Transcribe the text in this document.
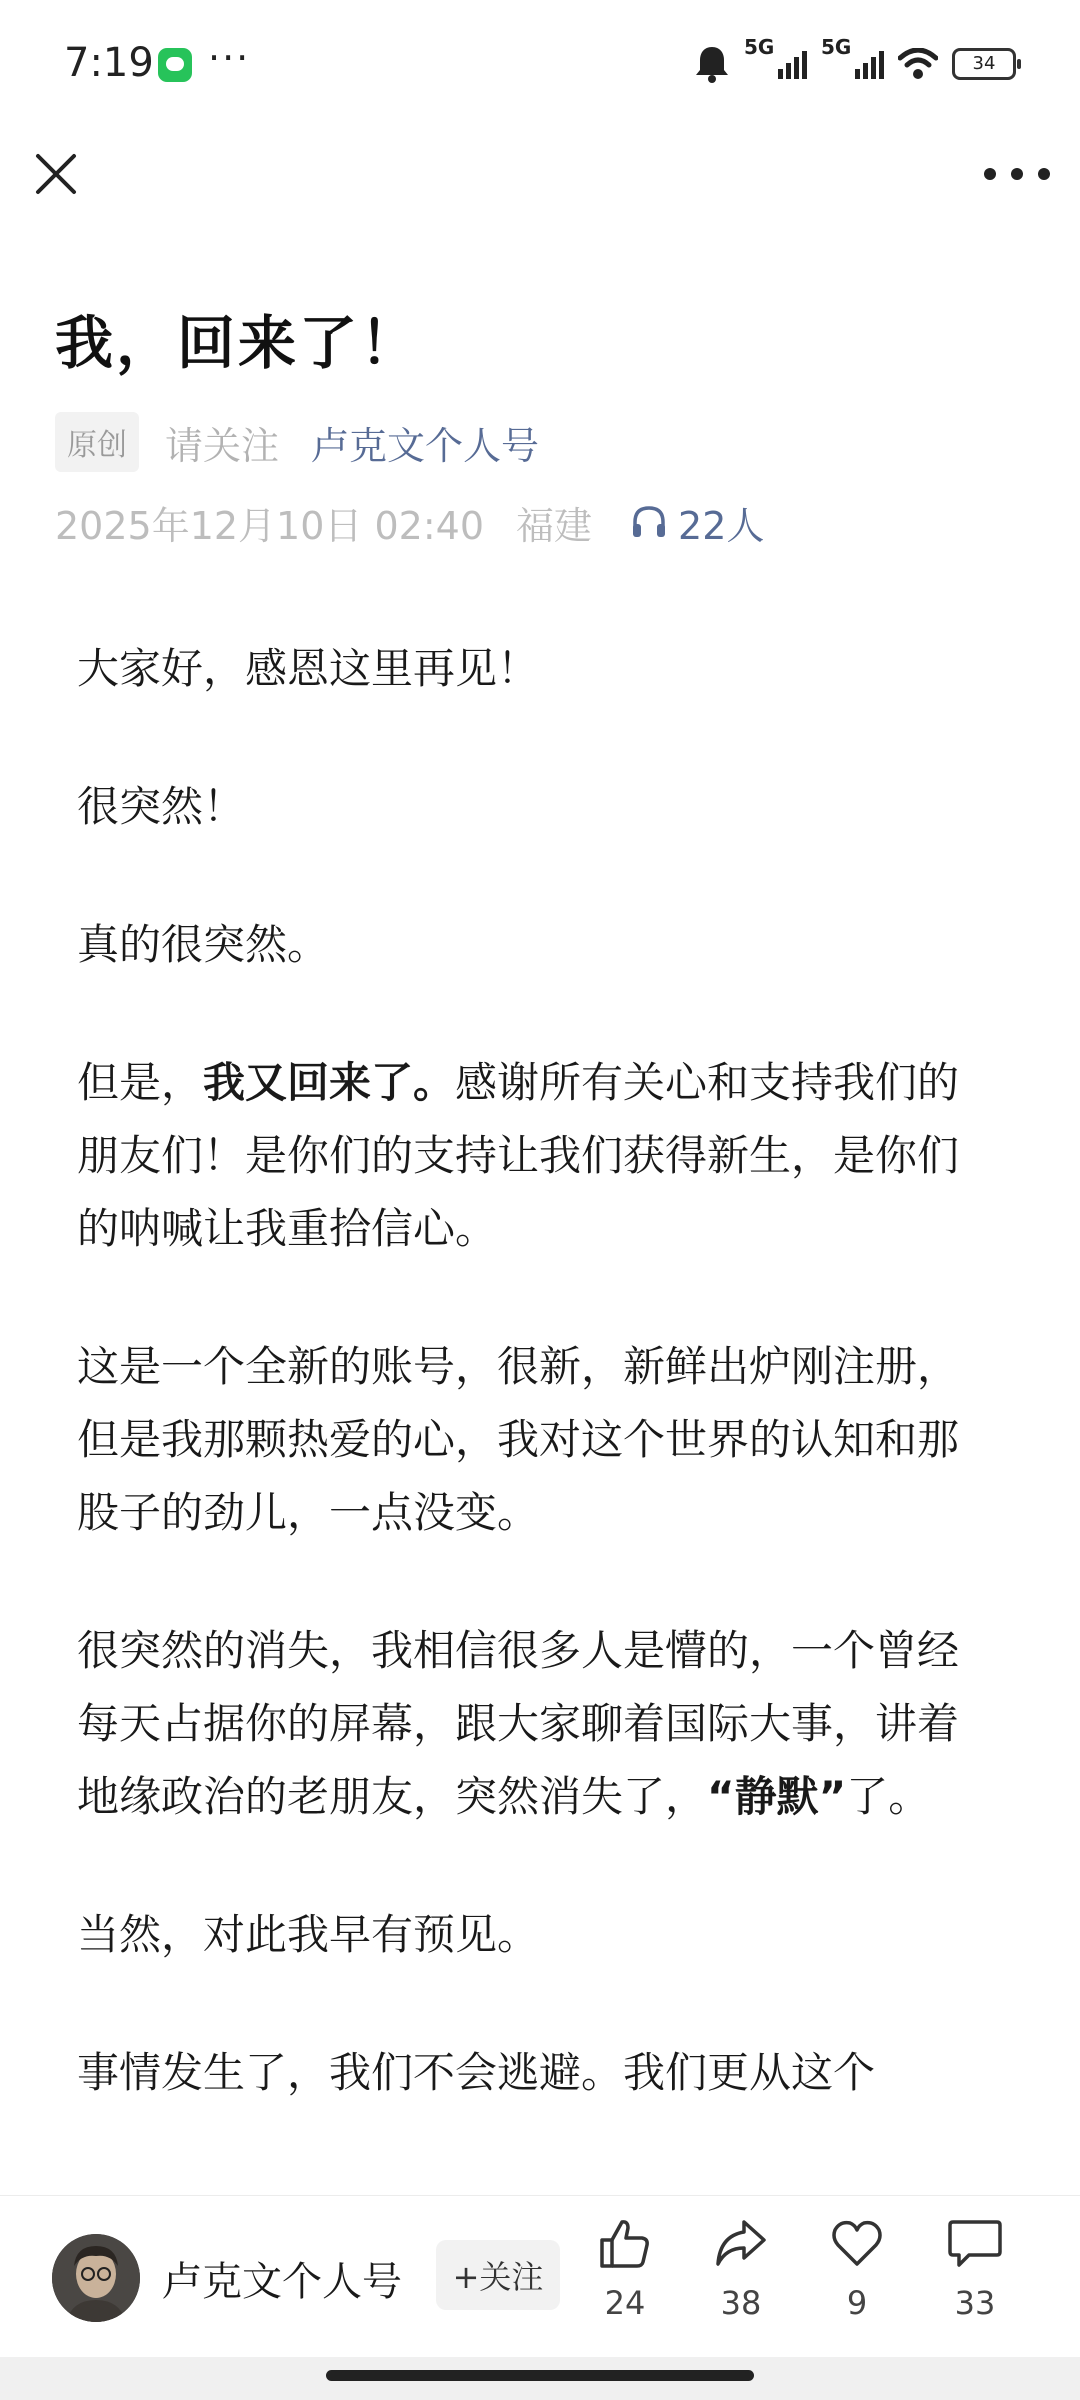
7:19 ···	5G 5G
34
我，回来了！
原创	请关注 卢克文个人号
2025年12月10日 02:40 福建 22人

大家好，感恩这里再见！

很突然！

真的很突然。

但是，我又回来了。感谢所有关心和支持我们的朋友们！是你们的支持让我们获得新生，是你们的呐喊让我重拾信心。

这是一个全新的账号，很新，新鲜出炉刚注册，但是我那颗热爱的心，我对这个世界的认知和那股子的劲儿，一点没变。

很突然的消失，我相信很多人是懵的，一个曾经每天占据你的屏幕，跟大家聊着国际大事，讲着地缘政治的老朋友，突然消失了，“静默”了。

当然，对此我早有预见。

事情发生了，我们不会逃避。我们更从这个

卢克文个人号	+关注
24	38	9	33
